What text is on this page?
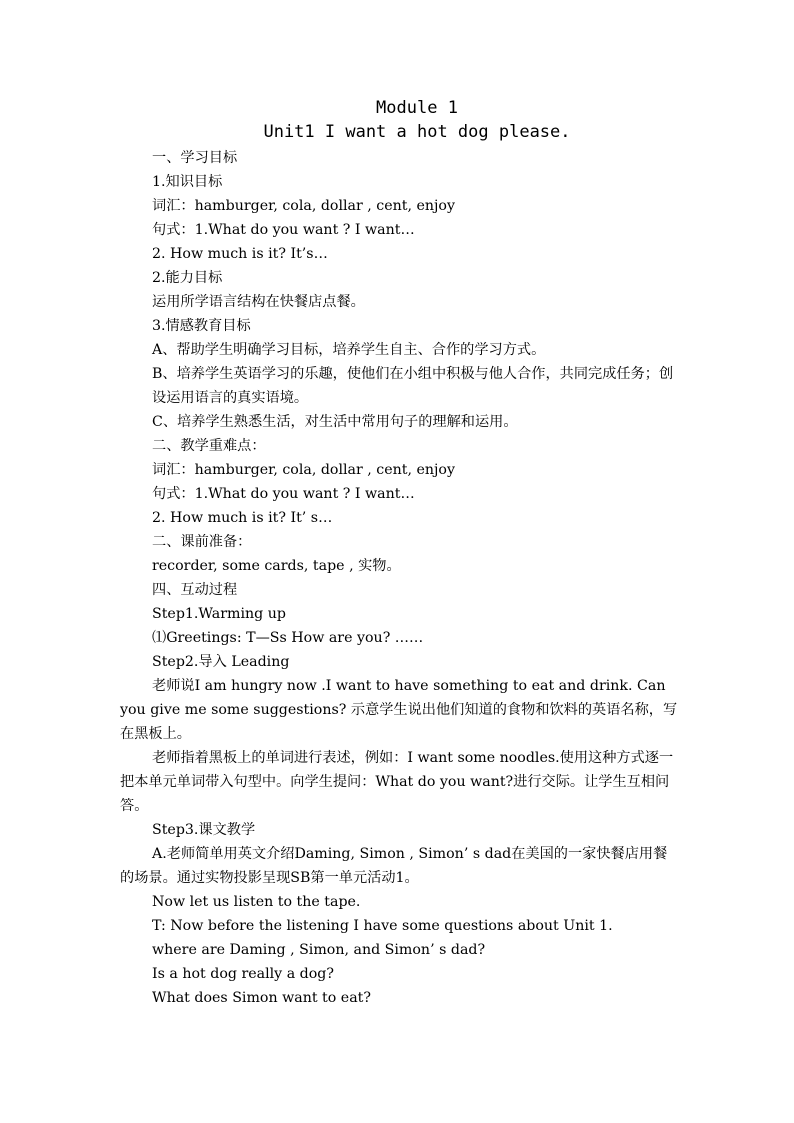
Module 1
Unit1 I want a hot dog please.

一、学习目标

1.知识目标

词汇：hamburger, cola, dollar , cent, enjoy

句式：1.What do you want ? I want…

2. How much is it? It’s…

2.能力目标

运用所学语言结构在快餐店点餐。

3.情感教育目标

A、帮助学生明确学习目标，培养学生自主、合作的学习方式。

B、培养学生英语学习的乐趣，使他们在小组中积极与他人合作，共同完成任务；创设运用语言的真实语境。

C、培养学生熟悉生活，对生活中常用句子的理解和运用。

二、教学重难点：

词汇：hamburger, cola, dollar , cent, enjoy

句式：1.What do you want ? I want…

2. How much is it? It’ s…

二、课前准备：

recorder, some cards, tape , 实物。

四、互动过程

Step1.Warming up

⑴Greetings: T—Ss How are you? ……

Step2.导入 Leading

老师说I am hungry now .I want to have something to eat and drink. Can you give me some suggestions? 示意学生说出他们知道的食物和饮料的英语名称，写在黑板上。

老师指着黑板上的单词进行表述，例如：I want some noodles.使用这种方式逐一把本单元单词带入句型中。向学生提问：What do you want?进行交际。让学生互相问答。

Step3.课文教学

A.老师简单用英文介绍Daming, Simon , Simon’ s dad在美国的一家快餐店用餐的场景。通过实物投影呈现SB第一单元活动1。

Now let us listen to the tape.

T: Now before the listening I have some questions about Unit 1.

where are Daming , Simon, and Simon’ s dad?

Is a hot dog really a dog?

What does Simon want to eat?
